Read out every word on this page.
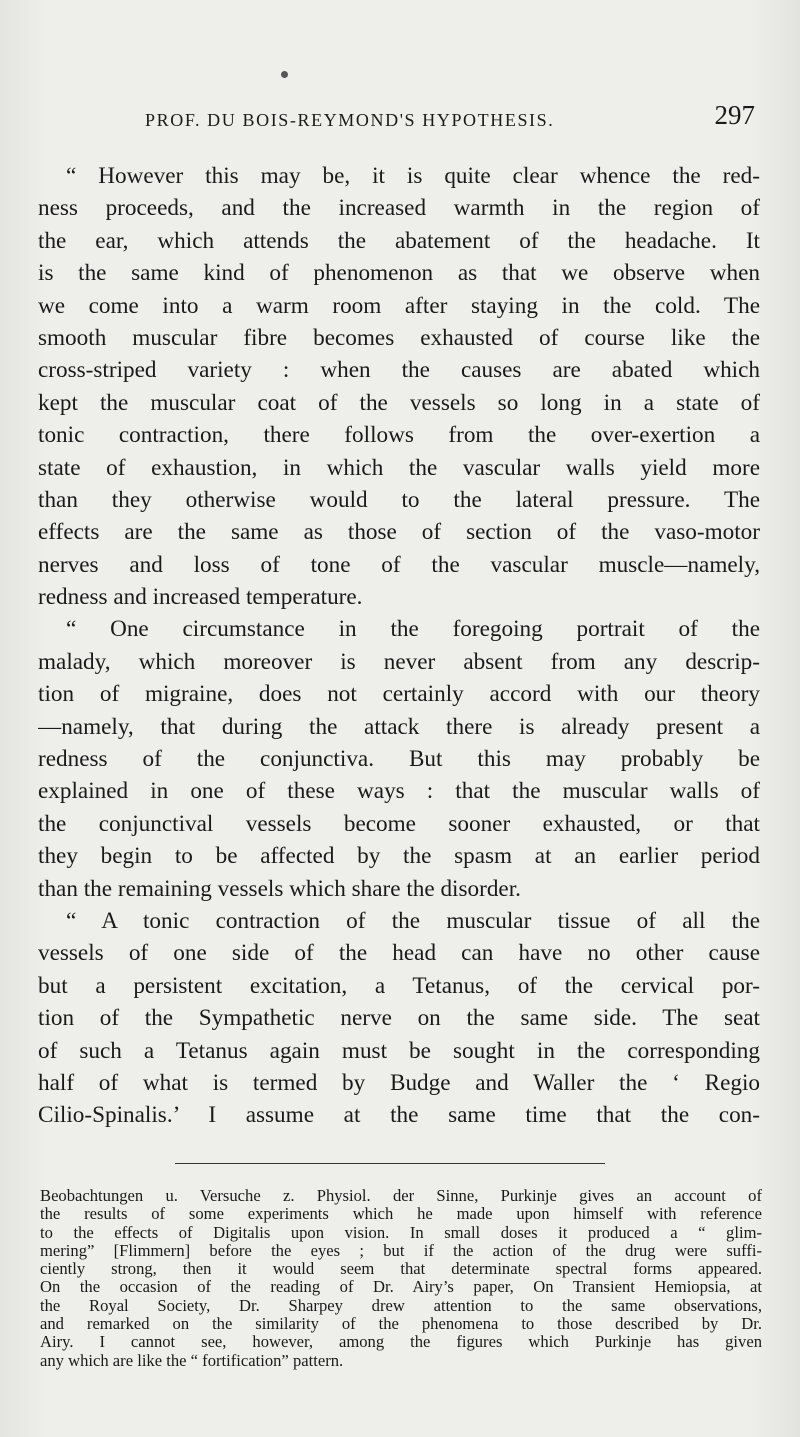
PROF. DU BOIS-REYMOND'S HYPOTHESIS.	297
“ However this may be, it is quite clear whence the red-
ness proceeds, and the increased warmth in the region of
the ear, which attends the abatement of the headache. It
is the same kind of phenomenon as that we observe when
we come into a warm room after staying in the cold. The
smooth muscular fibre becomes exhausted of course like the
cross-striped variety : when the causes are abated which
kept the muscular coat of the vessels so long in a state of
tonic contraction, there follows from the over-exertion a
state of exhaustion, in which the vascular walls yield more
than they otherwise would to the lateral pressure. The
effects are the same as those of section of the vaso-motor
nerves and loss of tone of the vascular muscle—namely,
redness and increased temperature.
“ One circumstance in the foregoing portrait of the
malady, which moreover is never absent from any descrip-
tion of migraine, does not certainly accord with our theory
—namely, that during the attack there is already present a
redness of the conjunctiva. But this may probably be
explained in one of these ways : that the muscular walls of
the conjunctival vessels become sooner exhausted, or that
they begin to be affected by the spasm at an earlier period
than the remaining vessels which share the disorder.
“ A tonic contraction of the muscular tissue of all the
vessels of one side of the head can have no other cause
but a persistent excitation, a Tetanus, of the cervical por-
tion of the Sympathetic nerve on the same side. The seat
of such a Tetanus again must be sought in the corresponding
half of what is termed by Budge and Waller the ‘ Regio
Cilio-Spinalis.’ I assume at the same time that the con-
Beobachtungen u. Versuche z. Physiol. der Sinne, Purkinje gives an account of
the results of some experiments which he made upon himself with reference
to the effects of Digitalis upon vision. In small doses it produced a “ glim-
mering” [Flimmern] before the eyes ; but if the action of the drug were suffi-
ciently strong, then it would seem that determinate spectral forms appeared.
On the occasion of the reading of Dr. Airy’s paper, On Transient Hemiopsia, at
the Royal Society, Dr. Sharpey drew attention to the same observations,
and remarked on the similarity of the phenomena to those described by Dr.
Airy. I cannot see, however, among the figures which Purkinje has given
any which are like the “ fortification” pattern.
